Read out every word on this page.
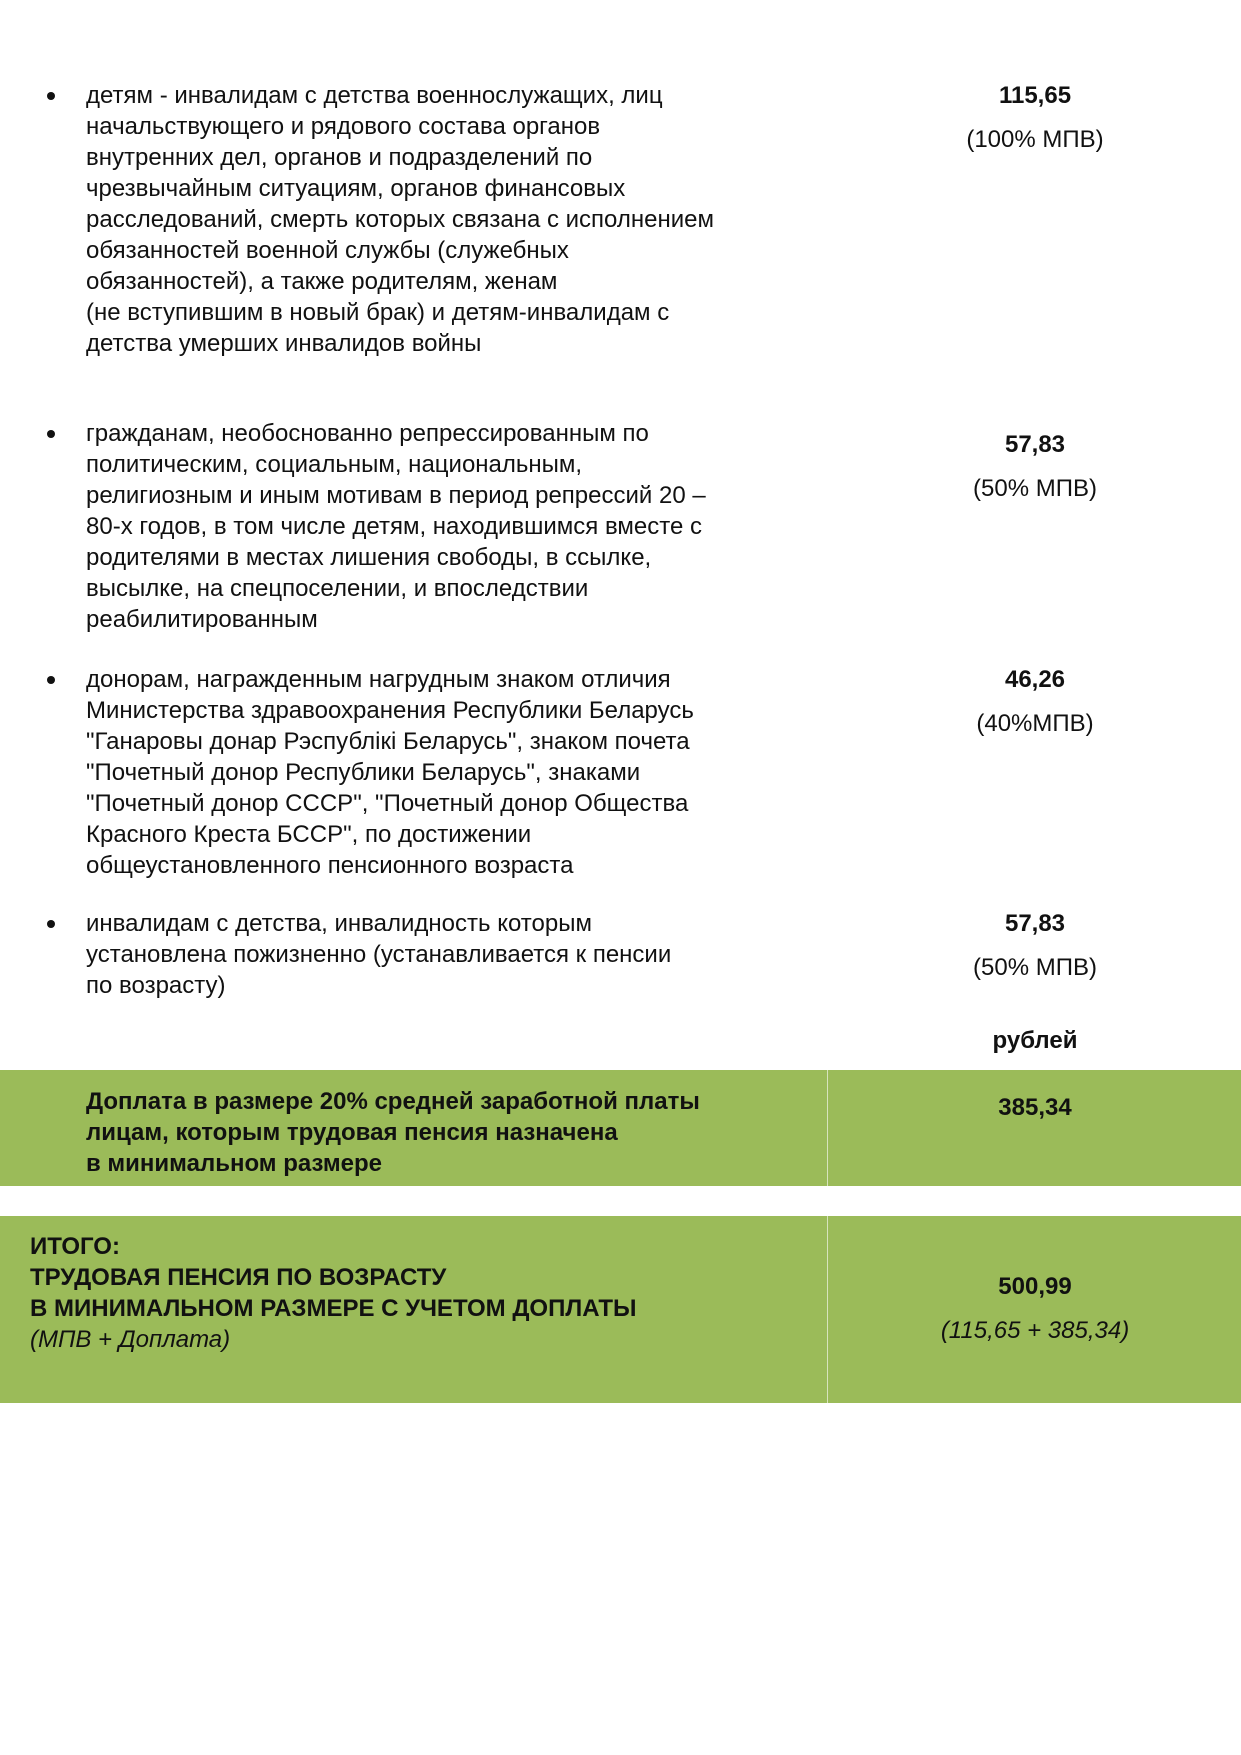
детям - инвалидам с детства военнослужащих, лиц
начальствующего и рядового состава органов
внутренних дел, органов и подразделений по
чрезвычайным ситуациям, органов финансовых
расследований, смерть которых связана с исполнением
обязанностей военной службы (служебных
обязанностей), а также родителям, женам
(не вступившим в новый брак) и детям-инвалидам с
детства умерших инвалидов войны
115,65
(100% МПВ)
гражданам, необоснованно репрессированным по
политическим, социальным, национальным,
религиозным и иным мотивам в период репрессий 20 –
80-х годов, в том числе детям, находившимся вместе с
родителями в местах лишения свободы, в ссылке,
высылке, на спецпоселении, и впоследствии
реабилитированным
57,83
(50% МПВ)
донорам, награжденным нагрудным знаком отличия
Министерства здравоохранения Республики Беларусь
"Ганаровы донар Рэспублiкi Беларусь", знаком почета
"Почетный донор Республики Беларусь", знаками
"Почетный донор СССР", "Почетный донор Общества
Красного Креста БССР", по достижении
общеустановленного пенсионного возраста
46,26
(40%МПВ)
инвалидам с детства, инвалидность которым
установлена пожизненно (устанавливается к пенсии
по возрасту)
57,83
(50% МПВ)
рублей
Доплата в размере 20% средней заработной платы
лицам, которым трудовая пенсия назначена
в минимальном размере
385,34
ИТОГО:
ТРУДОВАЯ ПЕНСИЯ ПО ВОЗРАСТУ
В МИНИМАЛЬНОМ РАЗМЕРЕ С УЧЕТОМ ДОПЛАТЫ
(МПВ + Доплата)
500,99
(115,65 + 385,34)
